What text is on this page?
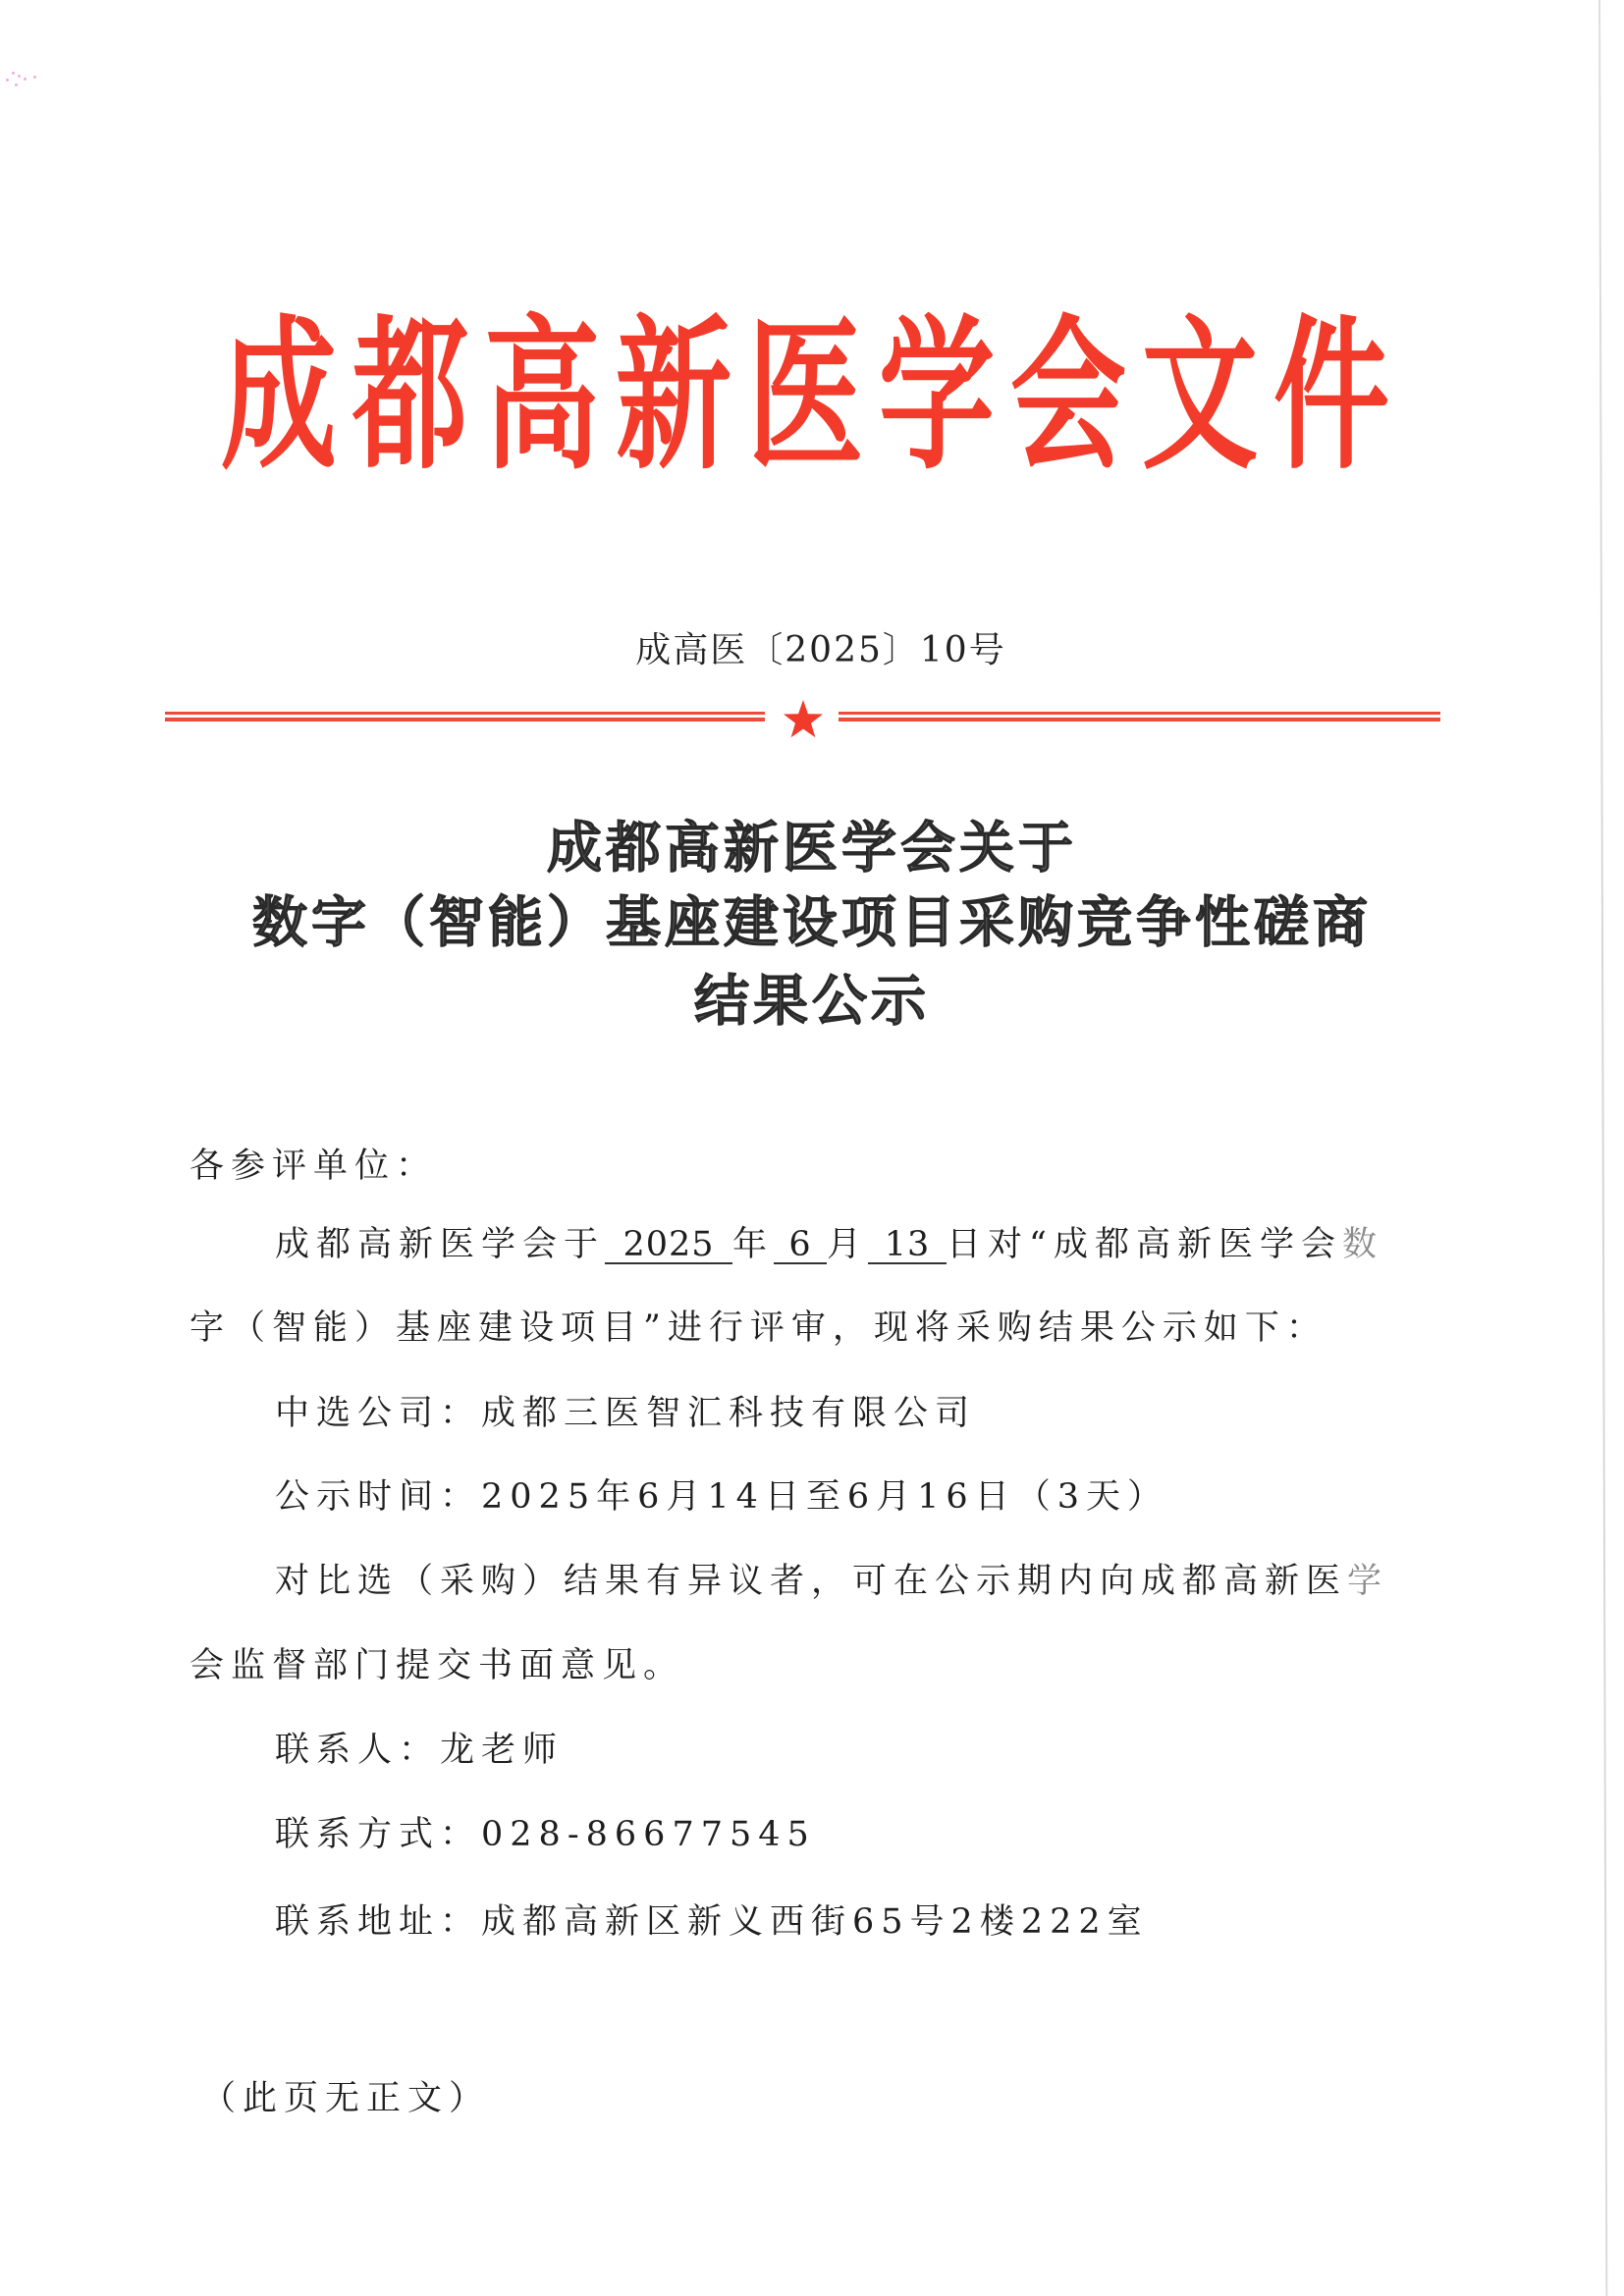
成 都 高 新 医 学 会 文 件
成高医〔2025〕10号
成都高新医学会关于
数字（智能）基座建设项目采购竞争性磋商
结果公示
各参评单位：
成都高新医学会于 2025 年 6 月 13 日对“成都高新医学会数
字（智能）基座建设项目”进行评审，现将采购结果公示如下：
中选公司：成都三医智汇科技有限公司
公示时间：2025年6月14日至6月16日（3天）
对比选（采购）结果有异议者，可在公示期内向成都高新医学
会监督部门提交书面意见。
联系人：龙老师
联系方式：028-86677545
联系地址：成都高新区新义西街65号2楼222室
（此页无正文）
